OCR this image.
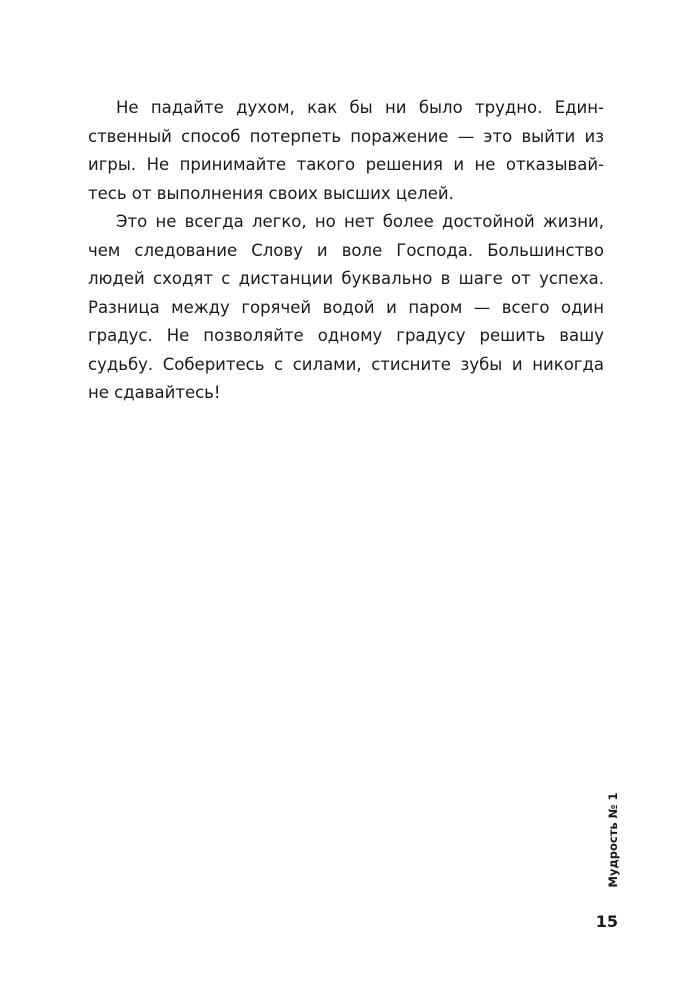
Не падайте духом, как бы ни было трудно. Един-
ственный способ потерпеть поражение — это выйти из
игры. Не принимайте такого решения и не отказывай-
тесь от выполнения своих высших целей.

Это не всегда легко, но нет более достойной жизни,
чем следование Слову и воле Господа. Большинство
людей сходят с дистанции буквально в шаге от успеха.
Разница между горячей водой и паром — всего один
градус. Не позволяйте одному градусу решить вашу
судьбу. Соберитесь с силами, стисните зубы и никогда
не сдавайтесь!

Мудрость № 1
15
